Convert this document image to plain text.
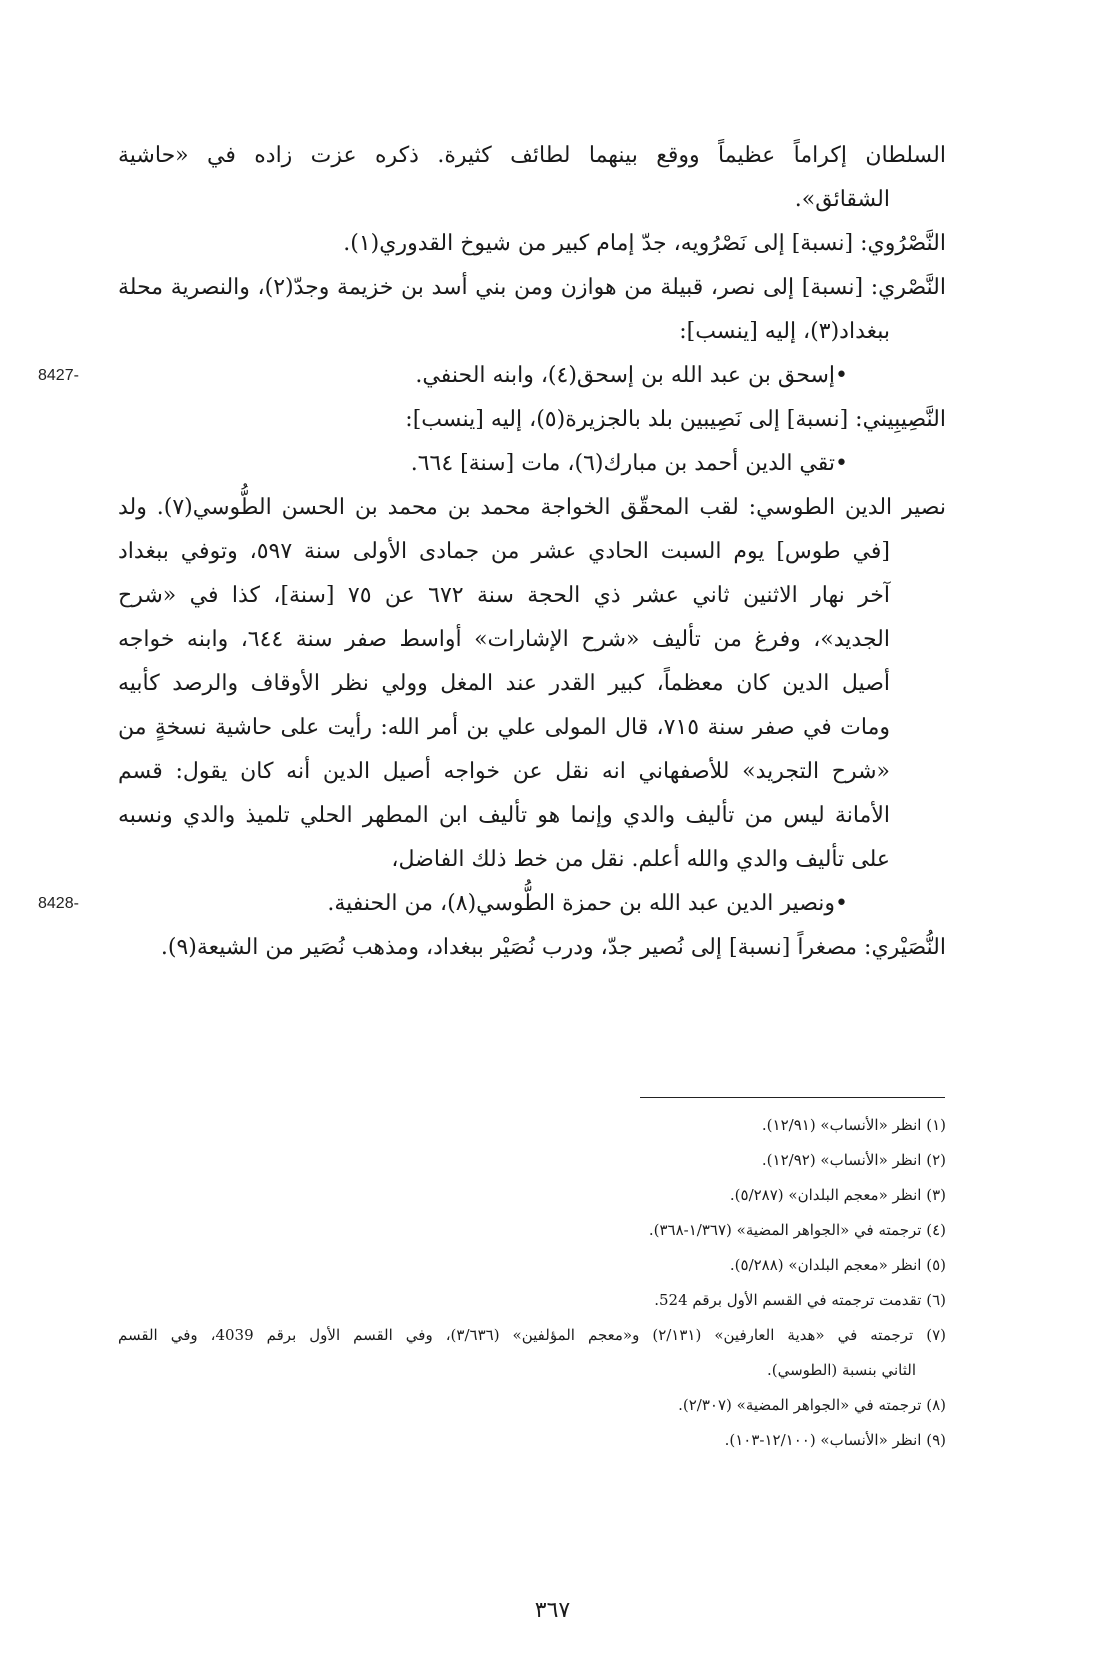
السلطان إكراماً عظيماً ووقع بينهما لطائف كثيرة. ذكره عزت زاده في «حاشية
الشقائق».
النَّصْرُوي: [نسبة] إلى نَصْرُويه، جدّ إمام كبير من شيوخ القدوري(١).
النَّصْري: [نسبة] إلى نصر، قبيلة من هوازن ومن بني أسد بن خزيمة وجدّ(٢)، والنصرية محلة
ببغداد(٣)، إليه [ينسب]:
•إسحق بن عبد الله بن إسحق(٤)، وابنه الحنفي.
8427-
النَّصِيبِيني: [نسبة] إلى نَصِيبين بلد بالجزيرة(٥)، إليه [ينسب]:
•تقي الدين أحمد بن مبارك(٦)، مات [سنة] ٦٦٤.
نصير الدين الطوسي: لقب المحقّق الخواجة محمد بن محمد بن الحسن الطُّوسي(٧). ولد
[في طوس] يوم السبت الحادي عشر من جمادى الأولى سنة ٥٩٧، وتوفي ببغداد
آخر نهار الاثنين ثاني عشر ذي الحجة سنة ٦٧٢ عن ٧٥ [سنة]، كذا في «شرح
الجديد»، وفرغ من تأليف «شرح الإشارات» أواسط صفر سنة ٦٤٤، وابنه خواجه
أصيل الدين كان معظماً، كبير القدر عند المغل وولي نظر الأوقاف والرصد كأبيه
ومات في صفر سنة ٧١٥، قال المولى علي بن أمر الله: رأيت على حاشية نسخةٍ من
«شرح التجريد» للأصفهاني انه نقل عن خواجه أصيل الدين أنه كان يقول: قسم
الأمانة ليس من تأليف والدي وإنما هو تأليف ابن المطهر الحلي تلميذ والدي ونسبه
على تأليف والدي والله أعلم. نقل من خط ذلك الفاضل،
•ونصير الدين عبد الله بن حمزة الطُّوسي(٨)، من الحنفية.
8428-
النُّصَيْري: مصغراً [نسبة] إلى نُصير جدّ، ودرب نُصَيْر ببغداد، ومذهب نُصَير من الشيعة(٩).
(١) انظر «الأنساب» (١٢/٩١).
(٢) انظر «الأنساب» (١٢/٩٢).
(٣) انظر «معجم البلدان» (٥/٢٨٧).
(٤) ترجمته في «الجواهر المضية» (١/٣٦٧-٣٦٨).
(٥) انظر «معجم البلدان» (٥/٢٨٨).
(٦) تقدمت ترجمته في القسم الأول برقم 524.
(٧) ترجمته في «هدية العارفين» (٢/١٣١) و«معجم المؤلفين» (٣/٦٣٦)، وفي القسم الأول برقم 4039، وفي القسم
الثاني بنسبة (الطوسي).
(٨) ترجمته في «الجواهر المضية» (٢/٣٠٧).
(٩) انظر «الأنساب» (١٢/١٠٠-١٠٣).
٣٦٧
